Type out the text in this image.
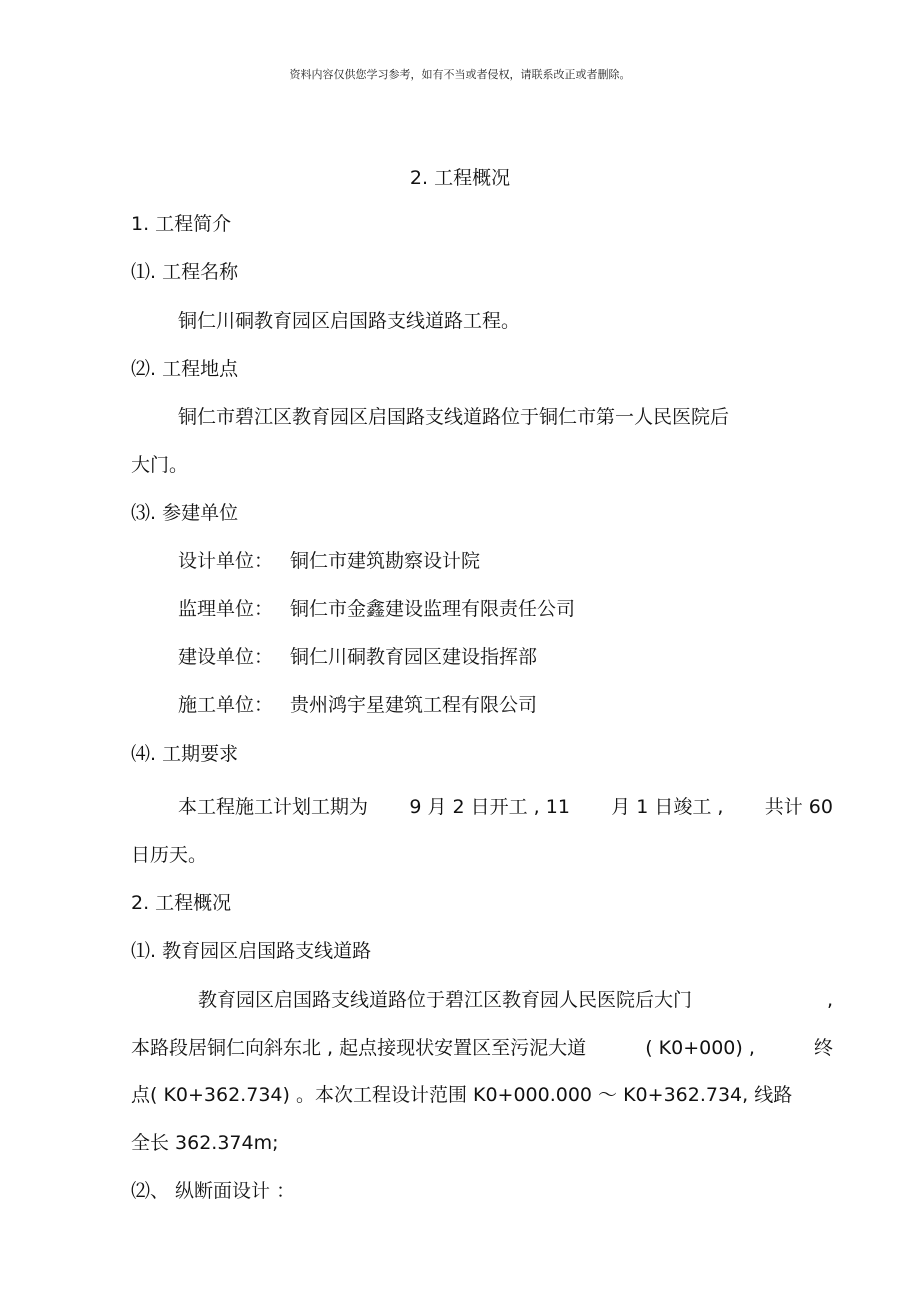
资料内容仅供您学习参考，如有不当或者侵权，请联系改正或者删除。
2. 工程概况
1. 工程简介
⑴. 工程名称
铜仁川硐教育园区启国路支线道路工程。
⑵. 工程地点
铜仁市碧江区教育园区启国路支线道路位于铜仁市第一人民医院后
大门。
⑶. 参建单位
设计单位： 铜仁市建筑勘察设计院
监理单位： 铜仁市金鑫建设监理有限责任公司
建设单位： 铜仁川硐教育园区建设指挥部
施工单位： 贵州鸿宇星建筑工程有限公司
⑷. 工期要求
本工程施工计划工期为 9 月 2 日开工 , 11 月 1 日竣工 , 共计 60
日历天。
2. 工程概况
⑴. 教育园区启国路支线道路
教育园区启国路支线道路位于碧江区教育园人民医院后大门	,
本路段居铜仁向斜东北 , 起点接现状安置区至污泥大道	( K0+000) ,	终
点( K0+362.734) 。本次工程设计范围 K0+000.000 ～ K0+362.734, 线路
全长 362.374m;
⑵、 纵断面设计 ：
